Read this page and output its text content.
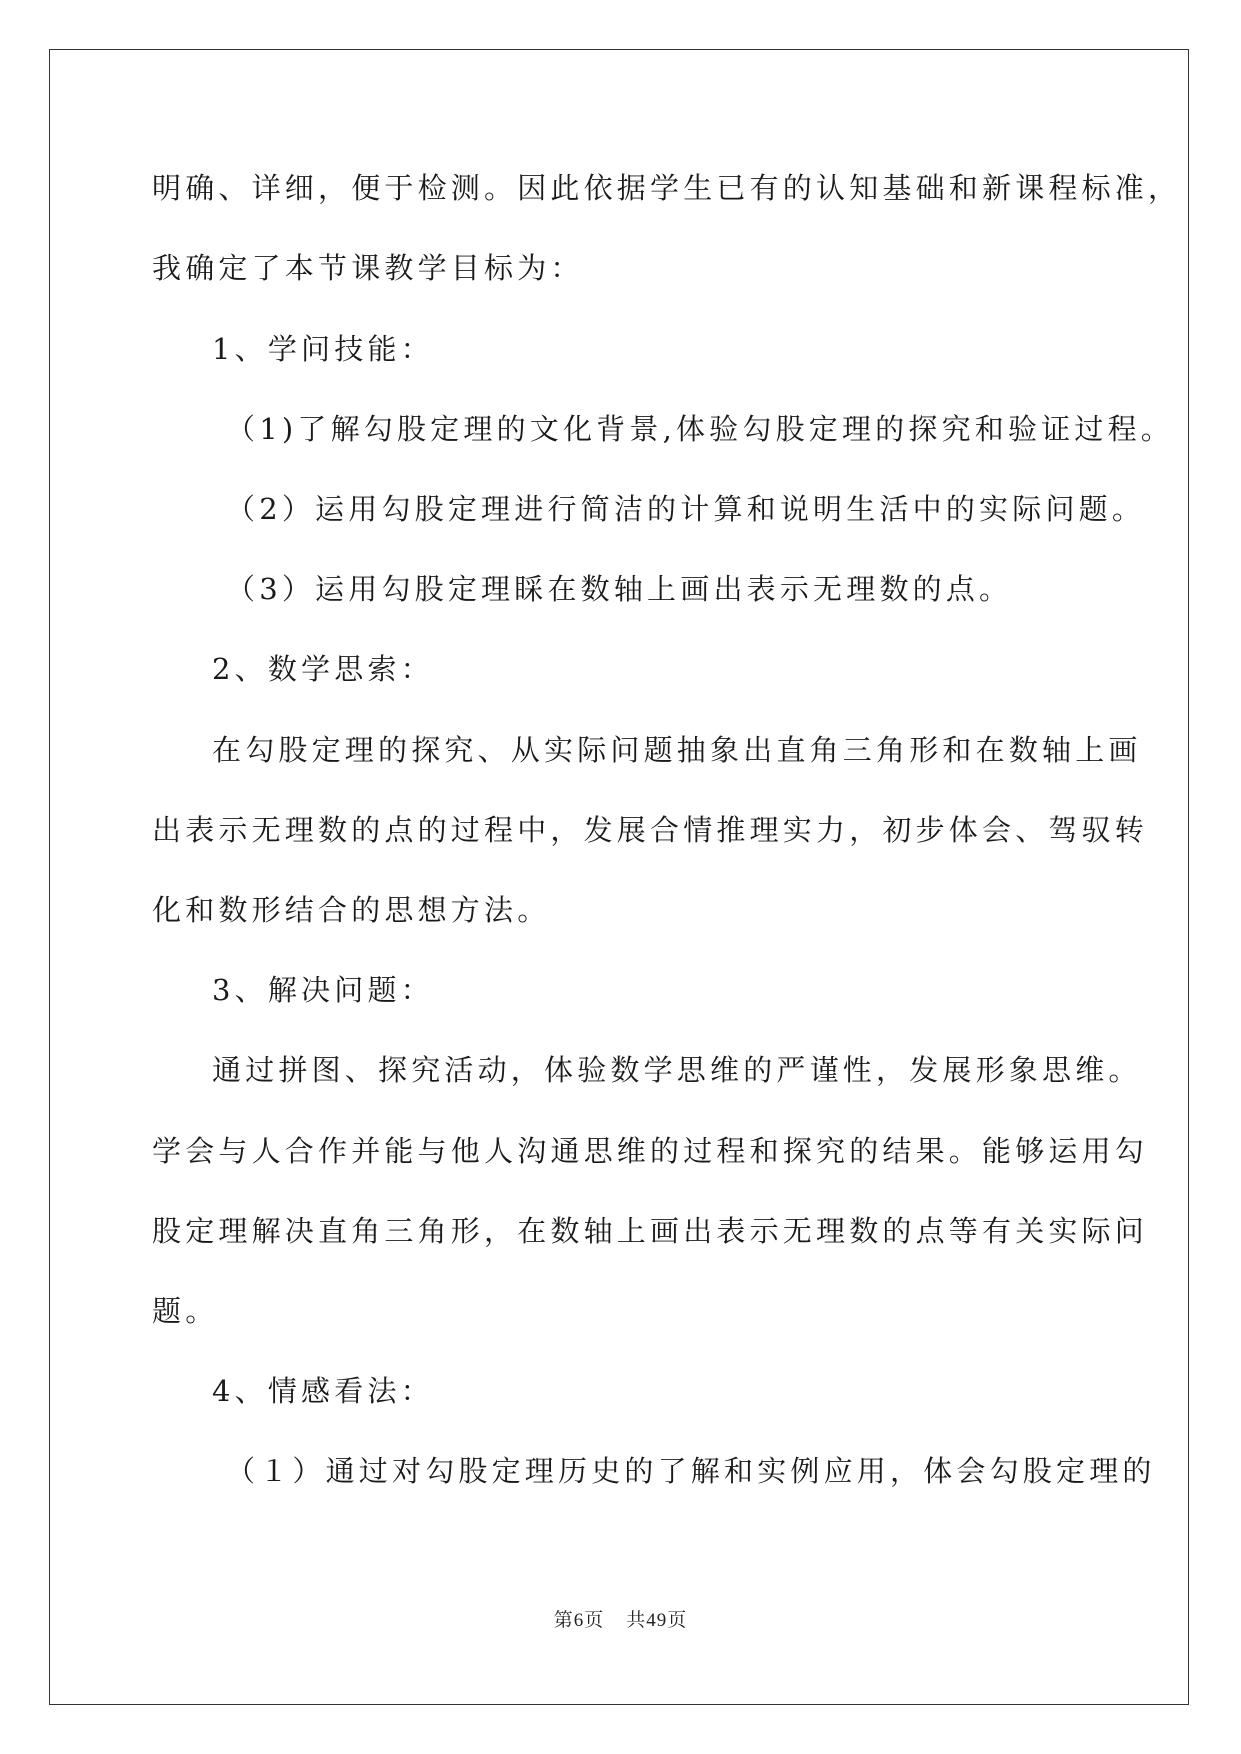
明确、详细，便于检测。因此依据学生已有的认知基础和新课程标准，
我确定了本节课教学目标为：
1、学问技能：
（1)了解勾股定理的文化背景,体验勾股定理的探究和验证过程。
（2）运用勾股定理进行简洁的计算和说明生活中的实际问题。
（3）运用勾股定理睬在数轴上画出表示无理数的点。
2、数学思索：
在勾股定理的探究、从实际问题抽象出直角三角形和在数轴上画
出表示无理数的点的过程中，发展合情推理实力，初步体会、驾驭转
化和数形结合的思想方法。
3、解决问题：
通过拼图、探究活动，体验数学思维的严谨性，发展形象思维。
学会与人合作并能与他人沟通思维的过程和探究的结果。能够运用勾
股定理解决直角三角形，在数轴上画出表示无理数的点等有关实际问
题。
4、情感看法：
（１）通过对勾股定理历史的了解和实例应用，体会勾股定理的
第6页 共49页
